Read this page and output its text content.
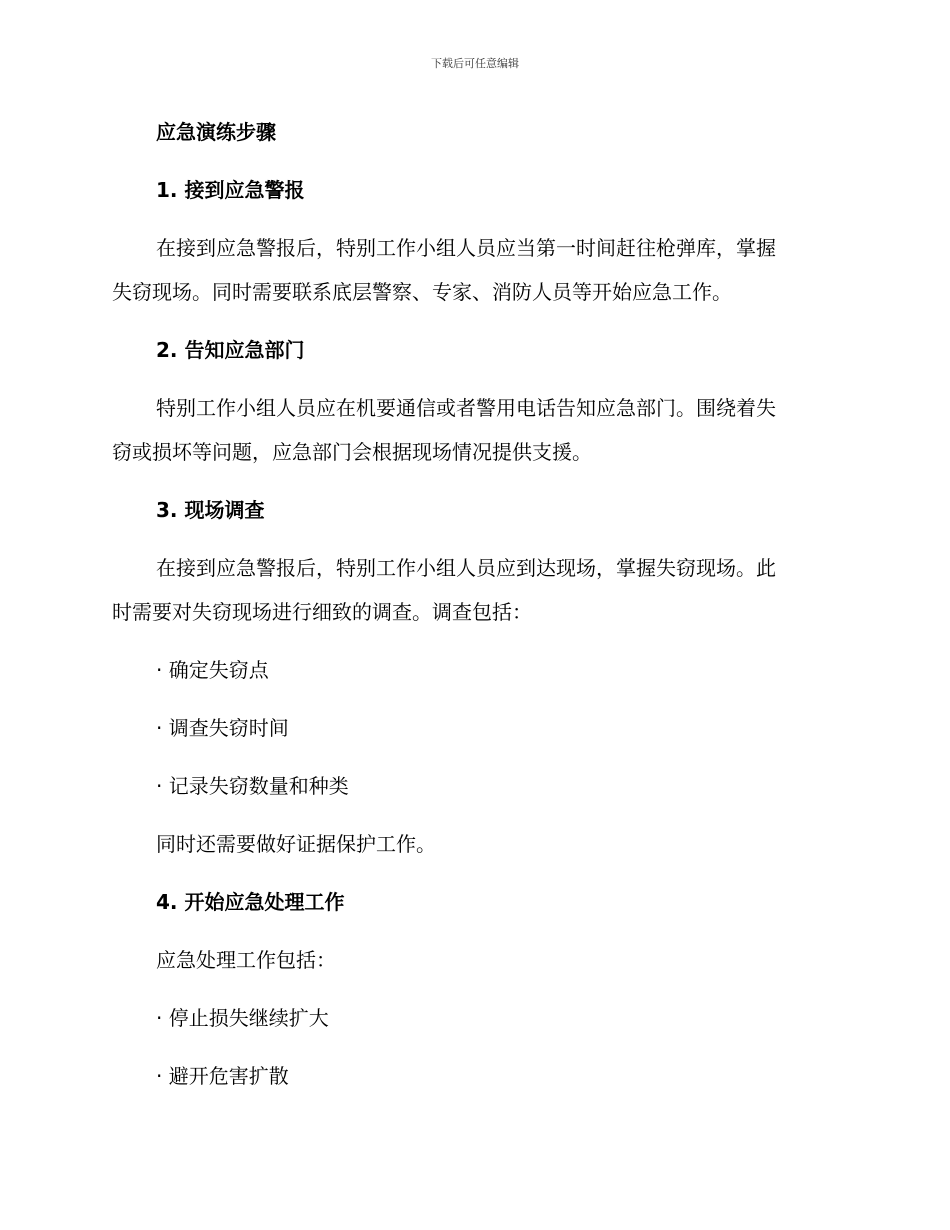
下载后可任意编辑
应急演练步骤
1. 接到应急警报
在接到应急警报后，特别工作小组人员应当第一时间赶往枪弹库，掌握
失窃现场。同时需要联系底层警察、专家、消防人员等开始应急工作。
2. 告知应急部门
特别工作小组人员应在机要通信或者警用电话告知应急部门。围绕着失
窃或损坏等问题，应急部门会根据现场情况提供支援。
3. 现场调查
在接到应急警报后，特别工作小组人员应到达现场，掌握失窃现场。此
时需要对失窃现场进行细致的调查。调查包括：
· 确定失窃点
· 调查失窃时间
· 记录失窃数量和种类
同时还需要做好证据保护工作。
4. 开始应急处理工作
应急处理工作包括：
· 停止损失继续扩大
· 避开危害扩散
